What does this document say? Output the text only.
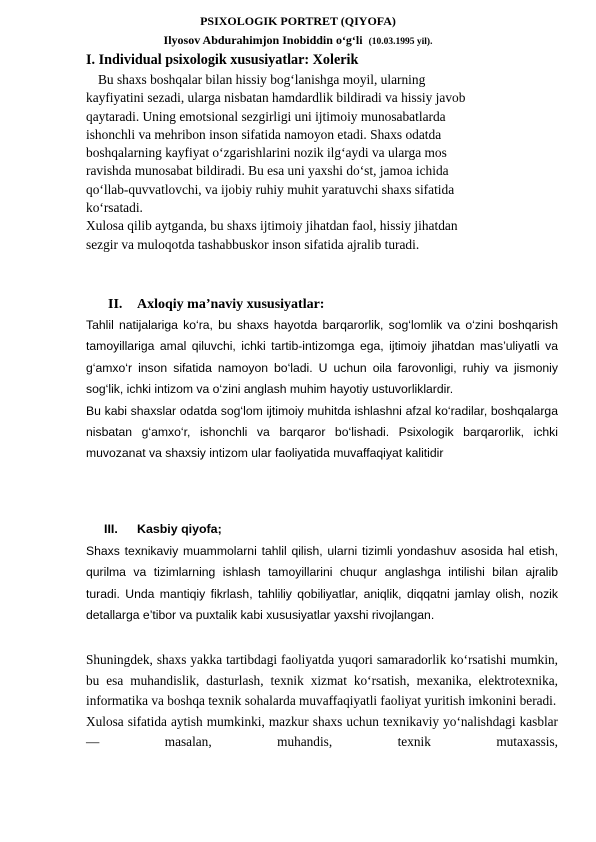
PSIXOLOGIK PORTRET (QIYOFA)
Ilyosov Abdurahimjon Inobiddin o‘g‘li (10.03.1995 yil).
I. Individual psixologik xususiyatlar: Xolerik
Bu shaxs boshqalar bilan hissiy bog‘lanishga moyil, ularning
kayfiyatini sezadi, ularga nisbatan hamdardlik bildiradi va hissiy javob
qaytaradi. Uning emotsional sezgirligi uni ijtimoiy munosabatlarda
ishonchli va mehribon inson sifatida namoyon etadi. Shaxs odatda
boshqalarning kayfiyat o‘zgarishlarini nozik ilg‘aydi va ularga mos
ravishda munosabat bildiradi. Bu esa uni yaxshi do‘st, jamoa ichida
qo‘llab-quvvatlovchi, va ijobiy ruhiy muhit yaratuvchi shaxs sifatida
ko‘rsatadi.
Xulosa qilib aytganda, bu shaxs ijtimoiy jihatdan faol, hissiy jihatdan
sezgir va muloqotda tashabbuskor inson sifatida ajralib turadi.
II. Axloqiy ma’naviy xususiyatlar:

Tahlil natijalariga ko‘ra, bu shaxs hayotda barqarorlik, sog‘lomlik va o‘zini boshqarish tamoyillariga amal qiluvchi, ichki tartib-intizomga ega, ijtimoiy jihatdan mas’uliyatli va g‘amxo‘r inson sifatida namoyon bo‘ladi. U uchun oila farovonligi, ruhiy va jismoniy sog‘lik, ichki intizom va o‘zini anglash muhim hayotiy ustuvorliklardir.

Bu kabi shaxslar odatda sog‘lom ijtimoiy muhitda ishlashni afzal ko‘radilar, boshqalarga nisbatan g‘amxo‘r, ishonchli va barqaror bo‘lishadi. Psixologik barqarorlik, ichki muvozanat va shaxsiy intizom ular faoliyatida muvaffaqiyat kalitidir

III. Kasbiy qiyofa;

Shaxs texnikaviy muammolarni tahlil qilish, ularni tizimli yondashuv asosida hal etish, qurilma va tizimlarning ishlash tamoyillarini chuqur anglashga intilishi bilan ajralib turadi. Unda mantiqiy fikrlash, tahliliy qobiliyatlar, aniqlik, diqqatni jamlay olish, nozik detallarga e’tibor va puxtalik kabi xususiyatlar yaxshi rivojlangan.

Shuningdek, shaxs yakka tartibdagi faoliyatda yuqori samaradorlik ko‘rsatishi mumkin, bu esa muhandislik, dasturlash, texnik xizmat ko‘rsatish, mexanika, elektrotexnika, informatika va boshqa texnik sohalarda muvaffaqiyatli faoliyat yuritish imkonini beradi.

Xulosa sifatida aytish mumkinki, mazkur shaxs uchun texnikaviy yo‘nalishdagi kasblar — masalan, muhandis, texnik mutaxassis,
